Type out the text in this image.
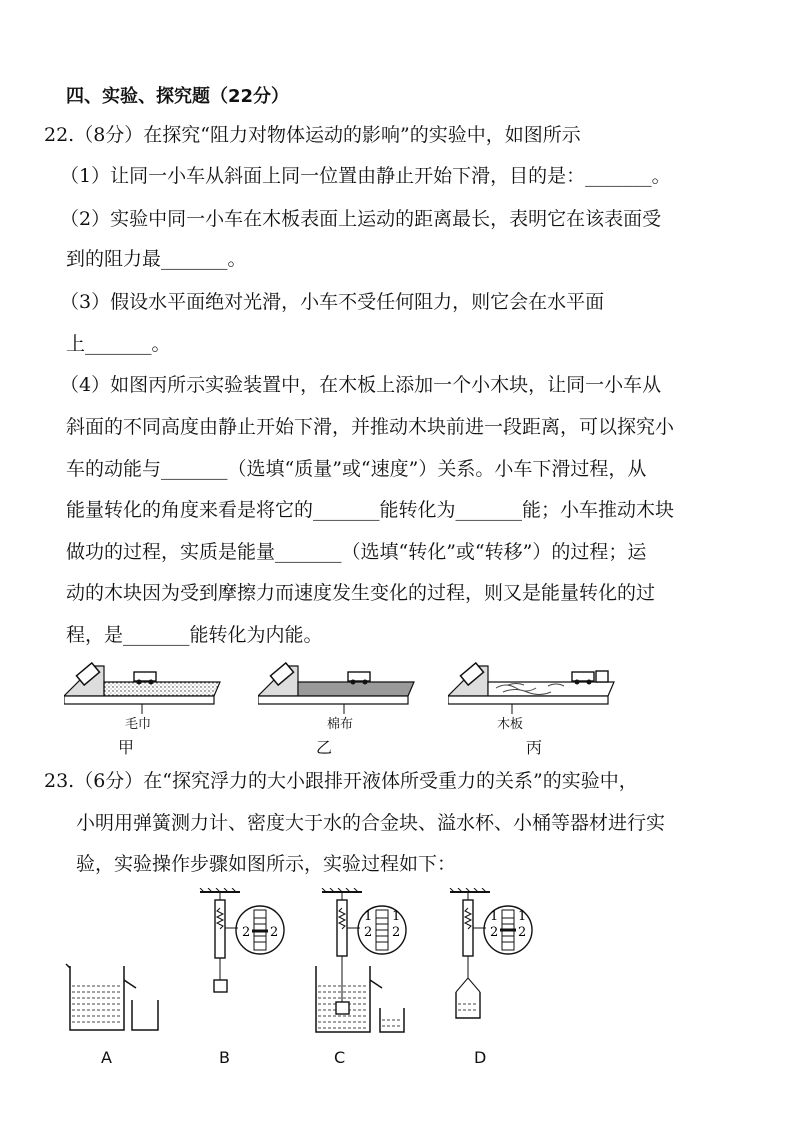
四、实验、探究题（22分）
22.（8分）在探究“阻力对物体运动的影响”的实验中，如图所示
（1）让同一小车从斜面上同一位置由静止开始下滑，目的是：_______。
（2）实验中同一小车在木板表面上运动的距离最长，表明它在该表面受
到的阻力最_______。
（3）假设水平面绝对光滑，小车不受任何阻力，则它会在水平面
上_______。
（4）如图丙所示实验装置中，在木板上添加一个小木块，让同一小车从
斜面的不同高度由静止开始下滑，并推动木块前进一段距离，可以探究小
车的动能与_______（选填“质量”或“速度”）关系。小车下滑过程，从
能量转化的角度来看是将它的_______能转化为_______能；小车推动木块
做功的过程，实质是能量_______（选填“转化”或“转移”）的过程；运
动的木块因为受到摩擦力而速度发生变化的过程，则又是能量转化的过
程，是_______能转化为内能。
毛巾
甲
棉布
乙
木板
丙
23.（6分）在“探究浮力的大小跟排开液体所受重力的关系”的实验中，
小明用弹簧测力计、密度大于水的合金块、溢水杯、小桶等器材进行实
验，实验操作步骤如图所示，实验过程如下：
A
2 2
B
1
2
1
2
C
1
2
1
2
D
